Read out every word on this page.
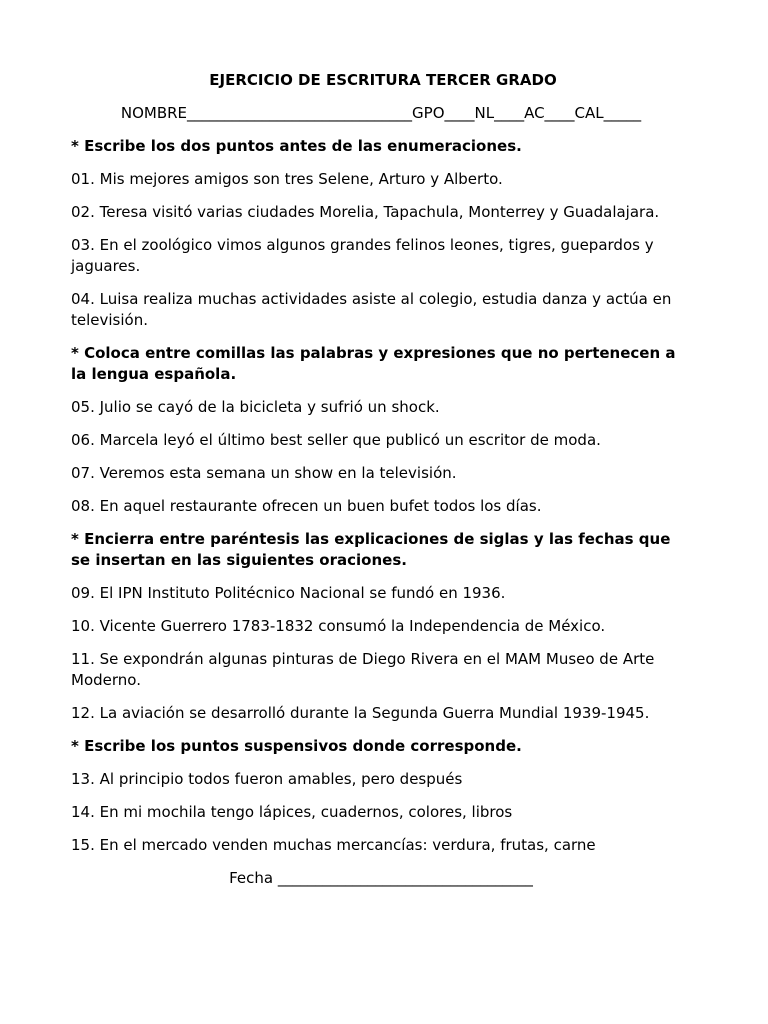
EJERCICIO DE ESCRITURA TERCER GRADO
NOMBRE______________________________GPO____NL____AC____CAL_____
* Escribe los dos puntos antes de las enumeraciones.
01. Mis mejores amigos son tres Selene, Arturo y Alberto.
02. Teresa visitó varias ciudades Morelia, Tapachula, Monterrey y Guadalajara.
03. En el zoológico vimos algunos grandes felinos leones, tigres, guepardos y jaguares.
04. Luisa realiza muchas actividades asiste al colegio, estudia danza y actúa en televisión.
* Coloca entre comillas las palabras y expresiones que no pertenecen a la lengua española.
05. Julio se cayó de la bicicleta y sufrió un shock.
06. Marcela leyó el último best seller que publicó un escritor de moda.
07. Veremos esta semana un show en la televisión.
08. En aquel restaurante ofrecen un buen bufet todos los días.
* Encierra entre paréntesis las explicaciones de siglas y las fechas que se insertan en las siguientes oraciones.
09. El IPN Instituto Politécnico Nacional se fundó en 1936.
10. Vicente Guerrero 1783-1832 consumó la Independencia de México.
11. Se expondrán algunas pinturas de Diego Rivera en el MAM Museo de Arte Moderno.
12. La aviación se desarrolló durante la Segunda Guerra Mundial 1939-1945.
* Escribe los puntos suspensivos donde corresponde.
13. Al principio todos fueron amables, pero después
14. En mi mochila tengo lápices, cuadernos, colores, libros
15. En el mercado venden muchas mercancías: verdura, frutas, carne
Fecha __________________________________
